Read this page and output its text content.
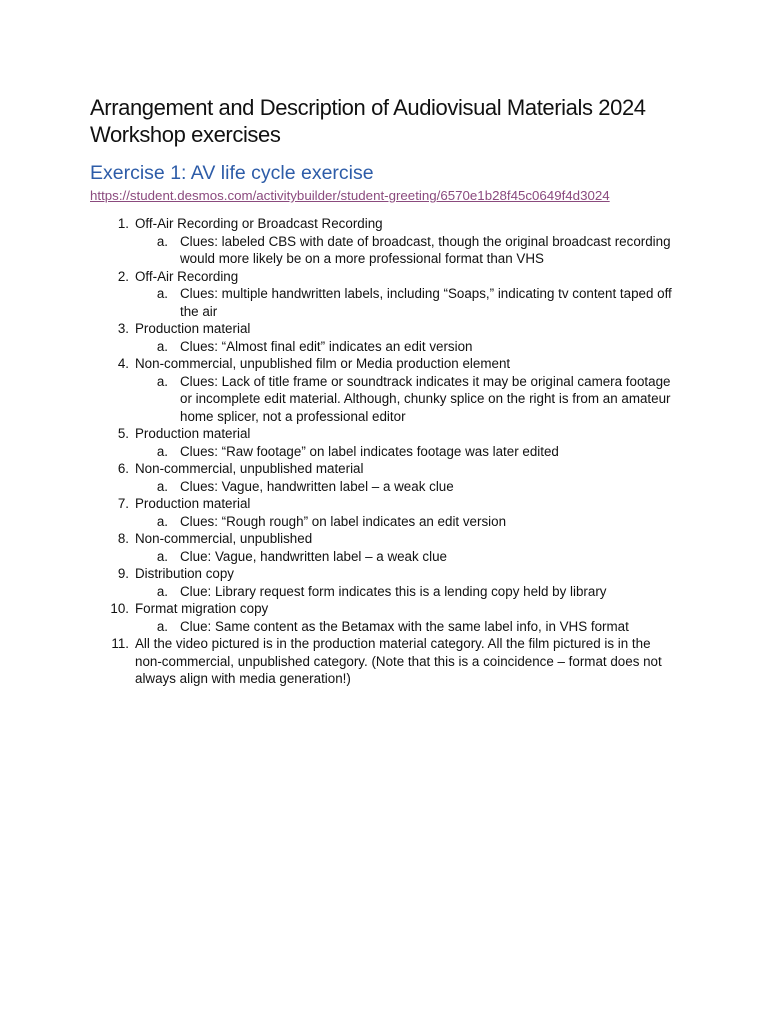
Arrangement and Description of Audiovisual Materials 2024
Workshop exercises
Exercise 1: AV life cycle exercise
https://student.desmos.com/activitybuilder/student-greeting/6570e1b28f45c0649f4d3024
1. Off-Air Recording or Broadcast Recording
a. Clues: labeled CBS with date of broadcast, though the original broadcast recording would more likely be on a more professional format than VHS
2. Off-Air Recording
a. Clues: multiple handwritten labels, including “Soaps,” indicating tv content taped off the air
3. Production material
a. Clues: “Almost final edit” indicates an edit version
4. Non-commercial, unpublished film or Media production element
a. Clues: Lack of title frame or soundtrack indicates it may be original camera footage or incomplete edit material. Although, chunky splice on the right is from an amateur home splicer, not a professional editor
5. Production material
a. Clues: “Raw footage” on label indicates footage was later edited
6. Non-commercial, unpublished material
a. Clues: Vague, handwritten label – a weak clue
7. Production material
a. Clues: “Rough rough” on label indicates an edit version
8. Non-commercial, unpublished
a. Clue: Vague, handwritten label – a weak clue
9. Distribution copy
a. Clue: Library request form indicates this is a lending copy held by library
10. Format migration copy
a. Clue: Same content as the Betamax with the same label info, in VHS format
11. All the video pictured is in the production material category. All the film pictured is in the non-commercial, unpublished category. (Note that this is a coincidence – format does not always align with media generation!)
